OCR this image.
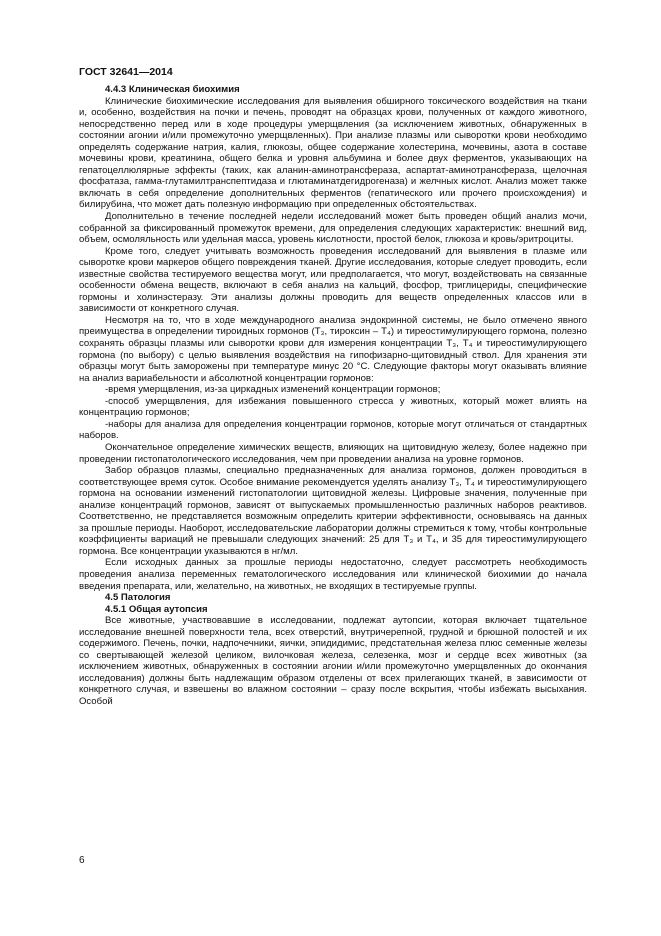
ГОСТ 32641—2014

4.4.3 Клиническая биохимия

Клинические биохимические исследования для выявления обширного токсического воздействия на ткани и, особенно, воздействия на почки и печень, проводят на образцах крови, полученных от каждого животного, непосредственно перед или в ходе процедуры умерщвления (за исключением животных, обнаруженных в состоянии агонии и/или промежуточно умерщвленных). При анализе плазмы или сыворотки крови необходимо определять содержание натрия, калия, глюкозы, общее содержание холестерина, мочевины, азота в составе мочевины крови, креатинина, общего белка и уровня альбумина и более двух ферментов, указывающих на гепатоцеллюлярные эффекты (таких, как аланин-аминотрансфераза, аспартат-аминотрансфераза, щелочная фосфатаза, гамма-глутамилтранспептидаза и глютаминатдегидрогеназа) и желчных кислот. Анализ может также включать в себя определение дополнительных ферментов (гепатического или прочего происхождения) и билирубина, что может дать полезную информацию при определенных обстоятельствах.

Дополнительно в течение последней недели исследований может быть проведен общий анализ мочи, собранной за фиксированный промежуток времени, для определения следующих характеристик: внешний вид, объем, осмоляльность или удельная масса, уровень кислотности, простой белок, глюкоза и кровь/эритроциты.

Кроме того, следует учитывать возможность проведения исследований для выявления в плазме или сыворотке крови маркеров общего повреждения тканей. Другие исследования, которые следует проводить, если известные свойства тестируемого вещества могут, или предполагается, что могут, воздействовать на связанные особенности обмена веществ, включают в себя анализ на кальций, фосфор, триглицериды, специфические гормоны и холинэстеразу. Эти анализы должны проводить для веществ определенных классов или в зависимости от конкретного случая.

Несмотря на то, что в ходе международного анализа эндокринной системы, не было отмечено явного преимущества в определении тироидных гормонов (Т₃, тироксин – Т₄) и тиреостимулирующего гормона, полезно сохранять образцы плазмы или сыворотки крови для измерения концентрации Т₃, Т₄ и тиреостимулирующего гормона (по выбору) с целью выявления воздействия на гипофизарно-щитовидный ствол. Для хранения эти образцы могут быть заморожены при температуре минус 20 °С. Следующие факторы могут оказывать влияние на анализ вариабельности и абсолютной концентрации гормонов:

-время умерщвления, из-за циркадных изменений концентрации гормонов;

-способ умерщвления, для избежания повышенного стресса у животных, который может влиять на концентрацию гормонов;

-наборы для анализа для определения концентрации гормонов, которые могут отличаться от стандартных наборов.

Окончательное определение химических веществ, влияющих на щитовидную железу, более надежно при проведении гистопатологического исследования, чем при проведении анализа на уровне гормонов.

Забор образцов плазмы, специально предназначенных для анализа гормонов, должен проводиться в соответствующее время суток. Особое внимание рекомендуется уделять анализу Т₃, Т₄ и тиреостимулирующего гормона на основании изменений гистопатологии щитовидной железы. Цифровые значения, полученные при анализе концентраций гормонов, зависят от выпускаемых промышленностью различных наборов реактивов. Соответственно, не представляется возможным определить критерии эффективности, основываясь на данных за прошлые периоды. Наоборот, исследовательские лаборатории должны стремиться к тому, чтобы контрольные коэффициенты вариаций не превышали следующих значений: 25 для Т₃ и Т₄, и 35 для тиреостимулирующего гормона. Все концентрации указываются в нг/мл.

Если исходных данных за прошлые периоды недостаточно, следует рассмотреть необходимость проведения анализа переменных гематологического исследования или клинической биохимии до начала введения препарата, или, желательно, на животных, не входящих в тестируемые группы.

4.5 Патология

4.5.1 Общая аутопсия

Все животные, участвовавшие в исследовании, подлежат аутопсии, которая включает тщательное исследование внешней поверхности тела, всех отверстий, внутричерепной, грудной и брюшной полостей и их содержимого. Печень, почки, надпочечники, яички, эпидидимис, предстательная железа плюс семенные железы со свертывающей железой целиком, вилочковая железа, селезенка, мозг и сердце всех животных (за исключением животных, обнаруженных в состоянии агонии и/или промежуточно умерщвленных до окончания исследования) должны быть надлежащим образом отделены от всех прилегающих тканей, в зависимости от конкретного случая, и взвешены во влажном состоянии – сразу после вскрытия, чтобы избежать высыхания. Особой

6
